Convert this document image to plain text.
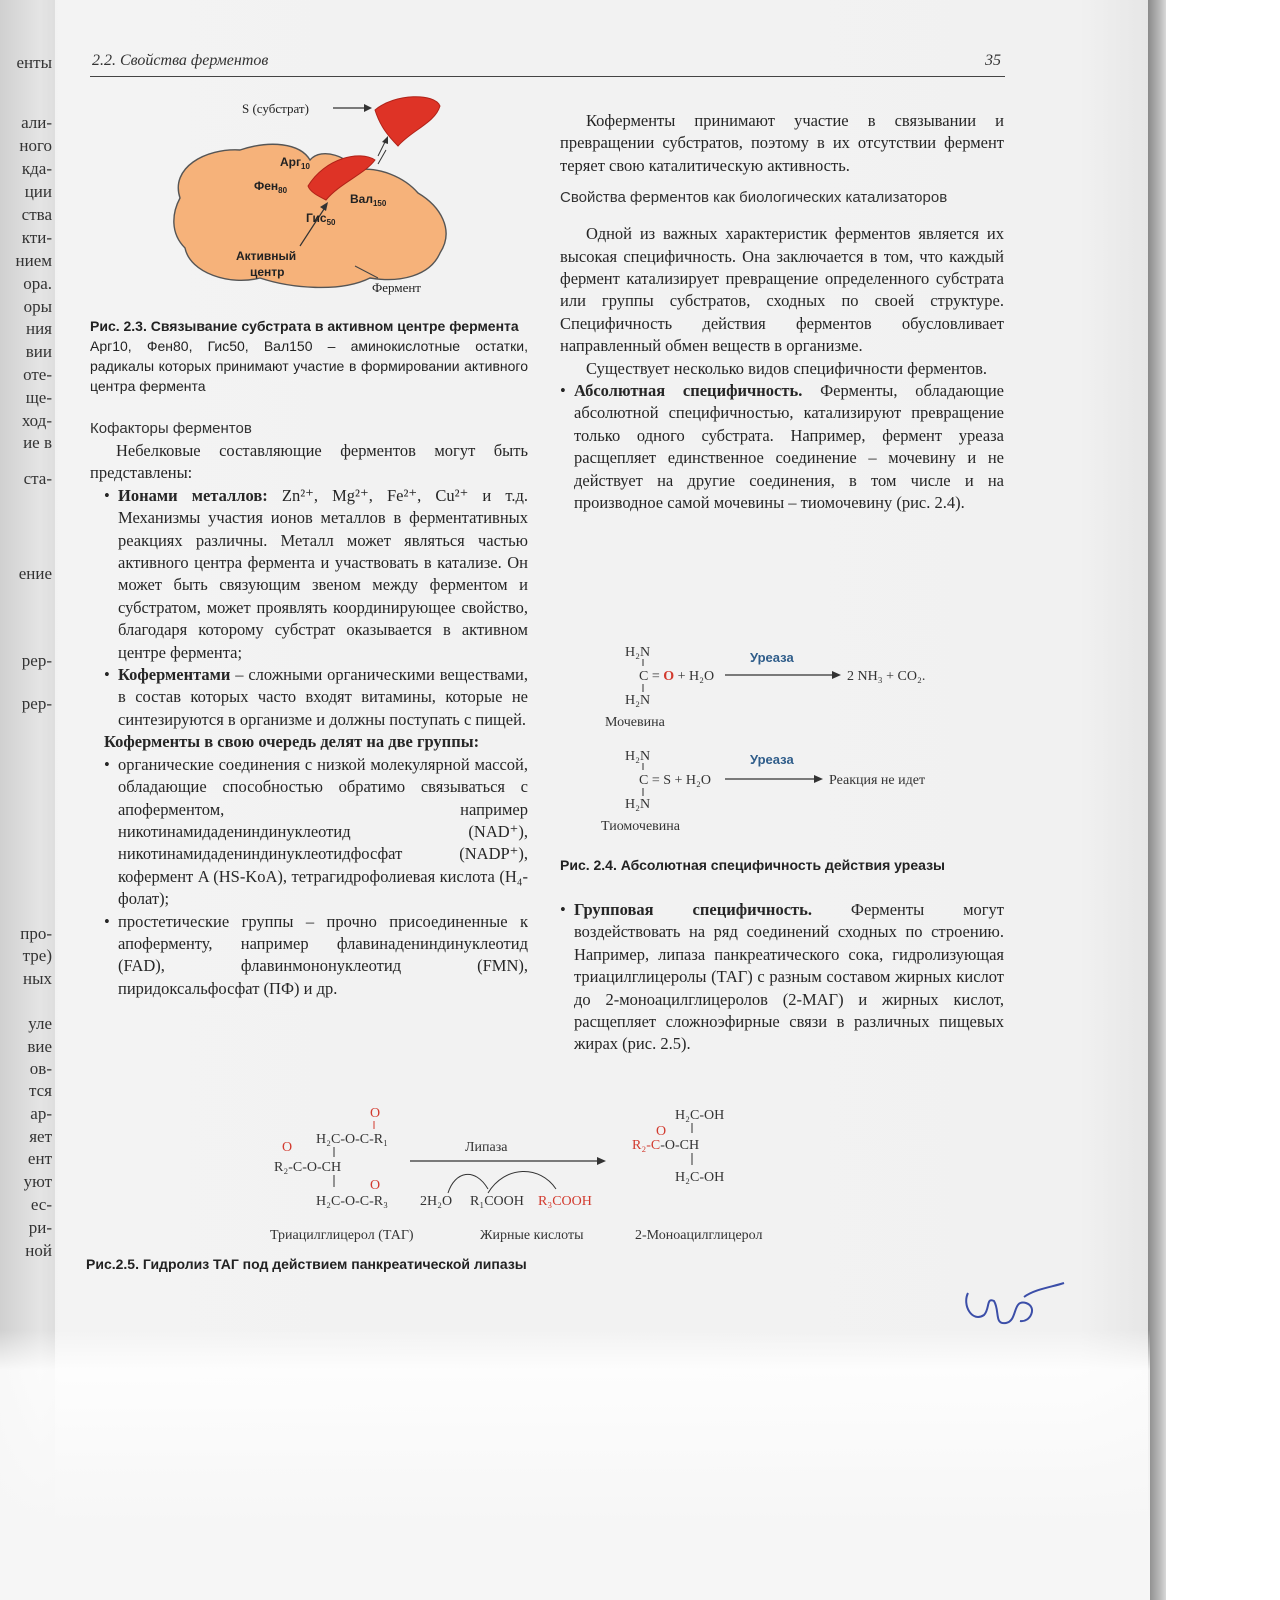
енты
али-
ного
кда-
ции
ства
кти-
нием
ора.
оры
ния
вии
оте-
ще-
ход-
ие в
ста-
ение
рер-
рер-
про-
тре)
ных
уле
вие
ов-
тся
ар-
яет
ент
уют
ес-
ри-
ной
2.2. Свойства ферментов	35
S (субстрат)
Арг$_{10}$
Фен$_{80}$
Вал$_{150}$
Гис$_{50}$
Активный
центр
Фермент

Рис. 2.3. Связывание субстрата в активном центре фермента

Арг10, Фен80, Гис50, Вал150 – аминокислотные остатки, радикалы которых принимают участие в формировании активного центра фермента

Кофакторы ферментов

Небелковые составляющие ферментов могут быть представлены:

• Ионами металлов: Zn²⁺, Mg²⁺, Fe²⁺, Cu²⁺ и т.д. Механизмы участия ионов металлов в ферментативных реакциях различны. Металл может являться частью активного центра фермента и участвовать в катализе. Он может быть связующим звеном между ферментом и субстратом, может проявлять координирующее свойство, благодаря которому субстрат оказывается в активном центре фермента;

• Коферментами – сложными органическими веществами, в состав которых часто входят витамины, которые не синтезируются в организме и должны поступать с пищей.

Коферменты в свою очередь делят на две группы:

• органические соединения с низкой молекулярной массой, обладающие способностью обратимо связываться с апоферментом, например никотинамидадениндинуклеотид (NAD⁺), никотинамидадениндинуклеотидфосфат (NADP⁺), кофермент A (HS-KoA), тетрагидрофолиевая кислота (H₄-фолат);

• простетические группы – прочно присоединенные к апоферменту, например флавинадениндинуклеотид (FAD), флавинмононуклеотид (FMN), пиридоксальфосфат (ПФ) и др.

Коферменты принимают участие в связывании и превращении субстратов, поэтому в их отсутствии фермент теряет свою каталитическую активность.

Свойства ферментов как биологических катализаторов

Одной из важных характеристик ферментов является их высокая специфичность. Она заключается в том, что каждый фермент катализирует превращение определенного субстрата или группы субстратов, сходных по своей структуре. Специфичность действия ферментов обусловливает направленный обмен веществ в организме.

Существует несколько видов специфичности ферментов.

• Абсолютная специфичность. Ферменты, обладающие абсолютной специфичностью, катализируют превращение только одного субстрата. Например, фермент уреаза расщепляет единственное соединение – мочевину и не действует на другие соединения, в том числе и на производное самой мочевины – тиомочевину (рис. 2.4).

H₂N
C = O + H₂O
H₂N
Уреаза
2 NH₃ + CO₂.
Мочевина
H₂N
C = S + H₂O
H₂N
Уреаза
Реакция не идет
Тиомочевина

Рис. 2.4. Абсолютная специфичность действия уреазы

• Групповая специфичность. Ферменты могут воздействовать на ряд соединений сходных по строению. Например, липаза панкреатического сока, гидролизующая триацилглицеролы (ТАГ) с разным составом жирных кислот до 2-моноацилглицеролов (2-МАГ) и жирных кислот, расщепляет сложноэфирные связи в различных пищевых жирах (рис. 2.5).

O
H₂C-O-C-R₁
O
R₂-C-O-CH
O
H₂C-O-C-R₃ 2H₂O R₁COOH R₃COOH
Липаза
H₂C-OH
O
R₂-C-O-CH
H₂C-OH
Триацилглицерол (ТАГ)	Жирные кислоты	2-Моноацилглицерол
Рис.2.5. Гидролиз ТАГ под действием панкреатической липазы
